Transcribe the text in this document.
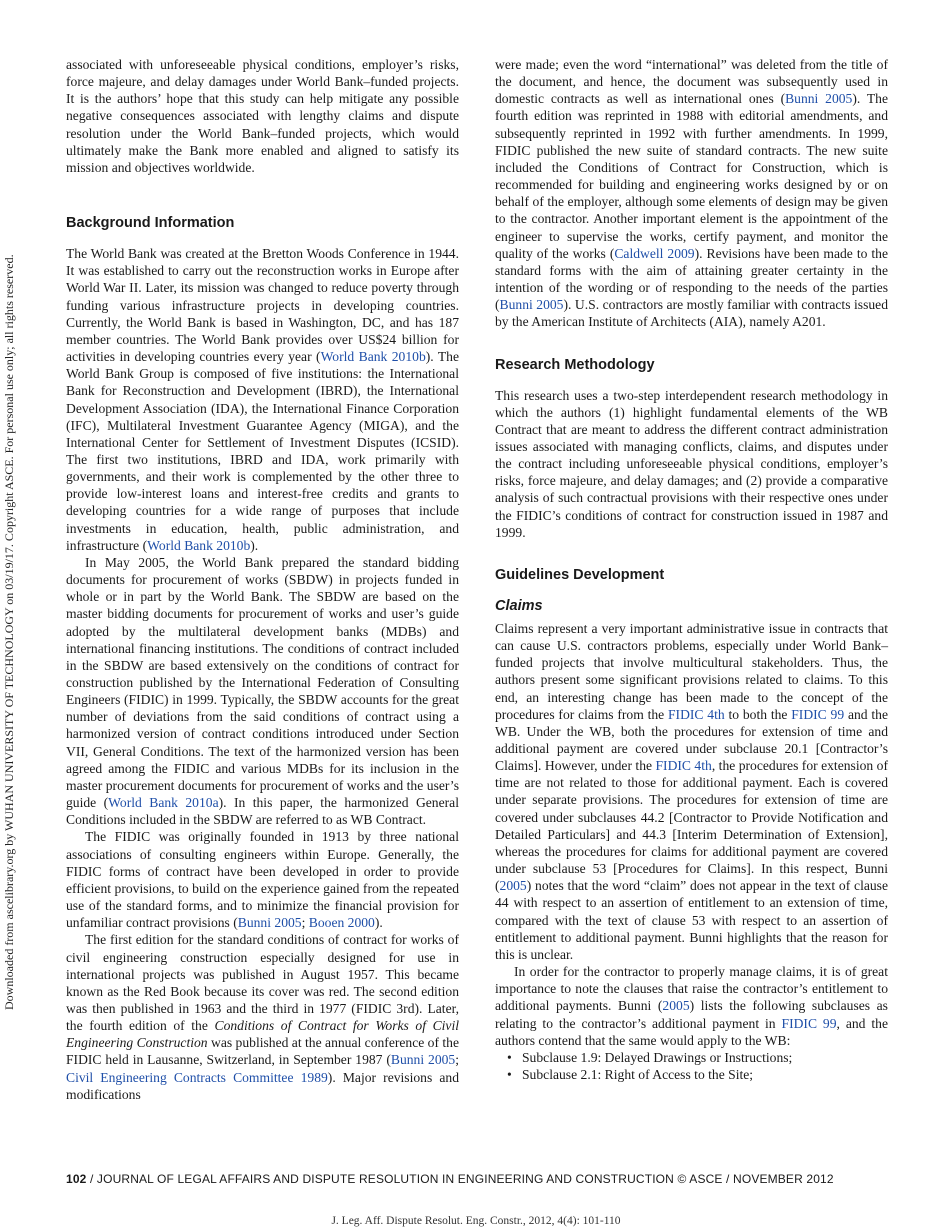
Downloaded from ascelibrary.org by WUHAN UNIVERSITY OF TECHNOLOGY on 03/19/17. Copyright ASCE. For personal use only; all rights reserved.

associated with unforeseeable physical conditions, employer’s risks, force majeure, and delay damages under World Bank–funded projects. It is the authors’ hope that this study can help mitigate any possible negative consequences associated with lengthy claims and dispute resolution under the World Bank–funded projects, which would ultimately make the Bank more enabled and aligned to satisfy its mission and objectives worldwide.

Background Information

The World Bank was created at the Bretton Woods Conference in 1944. It was established to carry out the reconstruction works in Europe after World War II. Later, its mission was changed to reduce poverty through funding various infrastructure projects in developing countries. Currently, the World Bank is based in Washington, DC, and has 187 member countries. The World Bank provides over US$24 billion for activities in developing countries every year (World Bank 2010b). The World Bank Group is composed of five institutions: the International Bank for Reconstruction and Development (IBRD), the International Development Association (IDA), the International Finance Corporation (IFC), Multilateral Investment Guarantee Agency (MIGA), and the International Center for Settlement of Investment Disputes (ICSID). The first two institutions, IBRD and IDA, work primarily with governments, and their work is complemented by the other three to provide low-interest loans and interest-free credits and grants to developing countries for a wide range of purposes that include investments in education, health, public administration, and infrastructure (World Bank 2010b).

In May 2005, the World Bank prepared the standard bidding documents for procurement of works (SBDW) in projects funded in whole or in part by the World Bank. The SBDW are based on the master bidding documents for procurement of works and user’s guide adopted by the multilateral development banks (MDBs) and international financing institutions. The conditions of contract included in the SBDW are based extensively on the conditions of contract for construction published by the International Federation of Consulting Engineers (FIDIC) in 1999. Typically, the SBDW accounts for the great number of deviations from the said conditions of contract using a harmonized version of contract conditions introduced under Section VII, General Conditions. The text of the harmonized version has been agreed among the FIDIC and various MDBs for its inclusion in the master procurement documents for procurement of works and the user’s guide (World Bank 2010a). In this paper, the harmonized General Conditions included in the SBDW are referred to as WB Contract.

The FIDIC was originally founded in 1913 by three national associations of consulting engineers within Europe. Generally, the FIDIC forms of contract have been developed in order to provide efficient provisions, to build on the experience gained from the repeated use of the standard forms, and to minimize the financial provision for unfamiliar contract provisions (Bunni 2005; Booen 2000).

The first edition for the standard conditions of contract for works of civil engineering construction especially designed for use in international projects was published in August 1957. This became known as the Red Book because its cover was red. The second edition was then published in 1963 and the third in 1977 (FIDIC 3rd). Later, the fourth edition of the Conditions of Contract for Works of Civil Engineering Construction was published at the annual conference of the FIDIC held in Lausanne, Switzerland, in September 1987 (Bunni 2005; Civil Engineering Contracts Committee 1989). Major revisions and modifications

were made; even the word “international” was deleted from the title of the document, and hence, the document was subsequently used in domestic contracts as well as international ones (Bunni 2005). The fourth edition was reprinted in 1988 with editorial amendments, and subsequently reprinted in 1992 with further amendments. In 1999, FIDIC published the new suite of standard contracts. The new suite included the Conditions of Contract for Construction, which is recommended for building and engineering works designed by or on behalf of the employer, although some elements of design may be given to the contractor. Another important element is the appointment of the engineer to supervise the works, certify payment, and monitor the quality of the works (Caldwell 2009). Revisions have been made to the standard forms with the aim of attaining greater certainty in the intention of the wording or of responding to the needs of the parties (Bunni 2005). U.S. contractors are mostly familiar with contracts issued by the American Institute of Architects (AIA), namely A201.

Research Methodology

This research uses a two-step interdependent research methodology in which the authors (1) highlight fundamental elements of the WB Contract that are meant to address the different contract administration issues associated with managing conflicts, claims, and disputes under the contract including unforeseeable physical conditions, employer’s risks, force majeure, and delay damages; and (2) provide a comparative analysis of such contractual provisions with their respective ones under the FIDIC’s conditions of contract for construction issued in 1987 and 1999.

Guidelines Development
Claims

Claims represent a very important administrative issue in contracts that can cause U.S. contractors problems, especially under World Bank–funded projects that involve multicultural stakeholders. Thus, the authors present some significant provisions related to claims. To this end, an interesting change has been made to the concept of the procedures for claims from the FIDIC 4th to both the FIDIC 99 and the WB. Under the WB, both the procedures for extension of time and additional payment are covered under subclause 20.1 [Contractor’s Claims]. However, under the FIDIC 4th, the procedures for extension of time are not related to those for additional payment. Each is covered under separate provisions. The procedures for extension of time are covered under subclauses 44.2 [Contractor to Provide Notification and Detailed Particulars] and 44.3 [Interim Determination of Extension], whereas the procedures for claims for additional payment are covered under subclause 53 [Procedures for Claims]. In this respect, Bunni (2005) notes that the word “claim” does not appear in the text of clause 44 with respect to an assertion of entitlement to an extension of time, compared with the text of clause 53 with respect to an assertion of entitlement to additional payment. Bunni highlights that the reason for this is unclear.

In order for the contractor to properly manage claims, it is of great importance to note the clauses that raise the contractor’s entitlement to additional payments. Bunni (2005) lists the following subclauses as relating to the contractor’s additional payment in FIDIC 99, and the authors contend that the same would apply to the WB:

• Subclause 1.9: Delayed Drawings or Instructions;
• Subclause 2.1: Right of Access to the Site;
102 / JOURNAL OF LEGAL AFFAIRS AND DISPUTE RESOLUTION IN ENGINEERING AND CONSTRUCTION © ASCE / NOVEMBER 2012
J. Leg. Aff. Dispute Resolut. Eng. Constr., 2012, 4(4): 101-110
